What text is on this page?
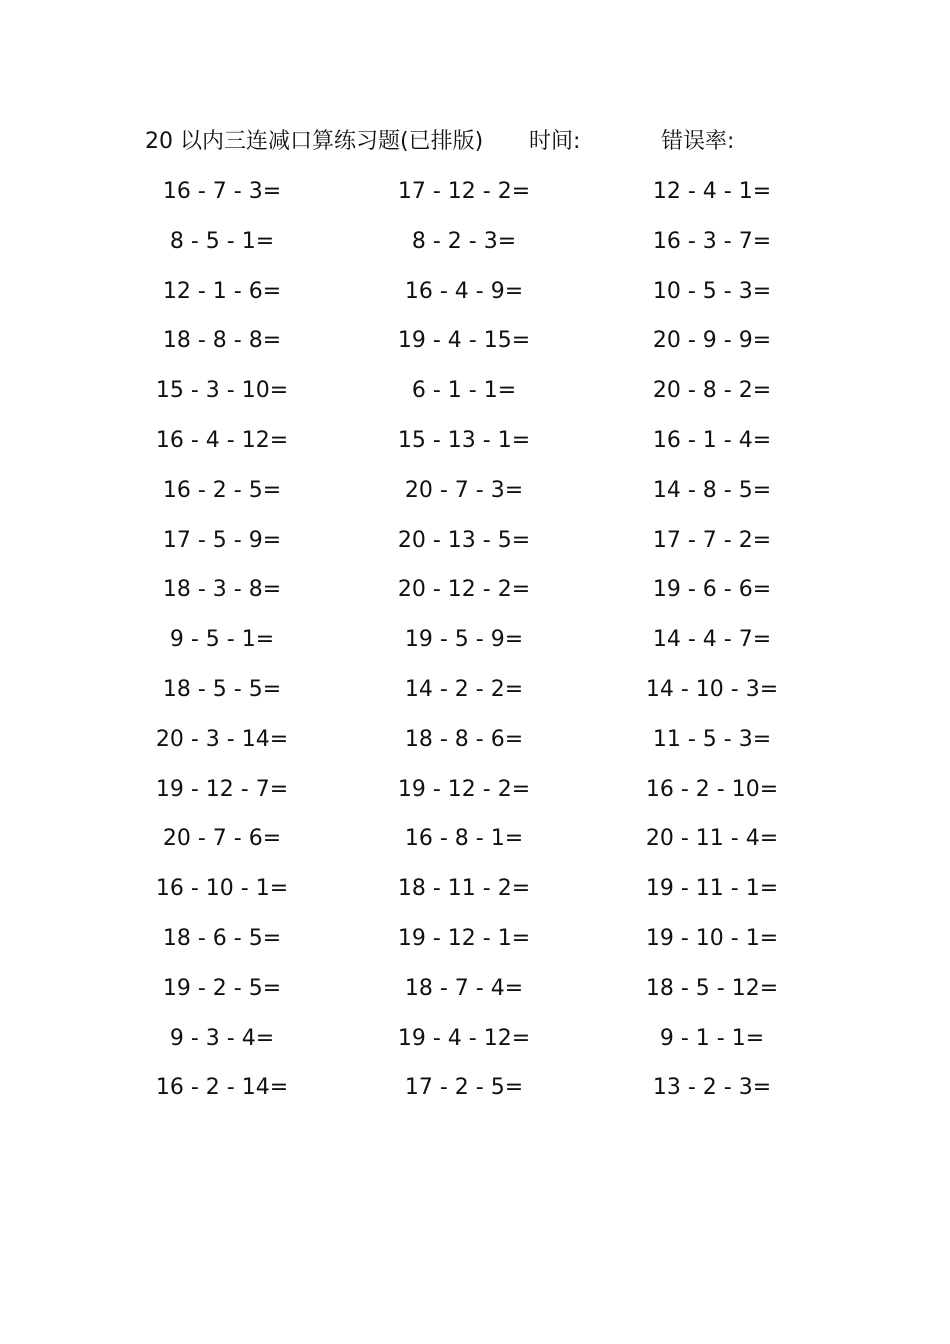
20 以内三连减口算练习题(已排版) 时间:	错误率:
16 - 7 - 3=	17 - 12 - 2=	12 - 4 - 1=
8 - 5 - 1=	8 - 2 - 3=	16 - 3 - 7=
12 - 1 - 6=	16 - 4 - 9=	10 - 5 - 3=
18 - 8 - 8=	19 - 4 - 15=	20 - 9 - 9=
15 - 3 - 10=	6 - 1 - 1=	20 - 8 - 2=
16 - 4 - 12=	15 - 13 - 1=	16 - 1 - 4=
16 - 2 - 5=	20 - 7 - 3=	14 - 8 - 5=
17 - 5 - 9=	20 - 13 - 5=	17 - 7 - 2=
18 - 3 - 8=	20 - 12 - 2=	19 - 6 - 6=
9 - 5 - 1=	19 - 5 - 9=	14 - 4 - 7=
18 - 5 - 5=	14 - 2 - 2=	14 - 10 - 3=
20 - 3 - 14=	18 - 8 - 6=	11 - 5 - 3=
19 - 12 - 7=	19 - 12 - 2=	16 - 2 - 10=
20 - 7 - 6=	16 - 8 - 1=	20 - 11 - 4=
16 - 10 - 1=	18 - 11 - 2=	19 - 11 - 1=
18 - 6 - 5=	19 - 12 - 1=	19 - 10 - 1=
19 - 2 - 5=	18 - 7 - 4=	18 - 5 - 12=
9 - 3 - 4=	19 - 4 - 12=	9 - 1 - 1=
16 - 2 - 14=	17 - 2 - 5=	13 - 2 - 3=
